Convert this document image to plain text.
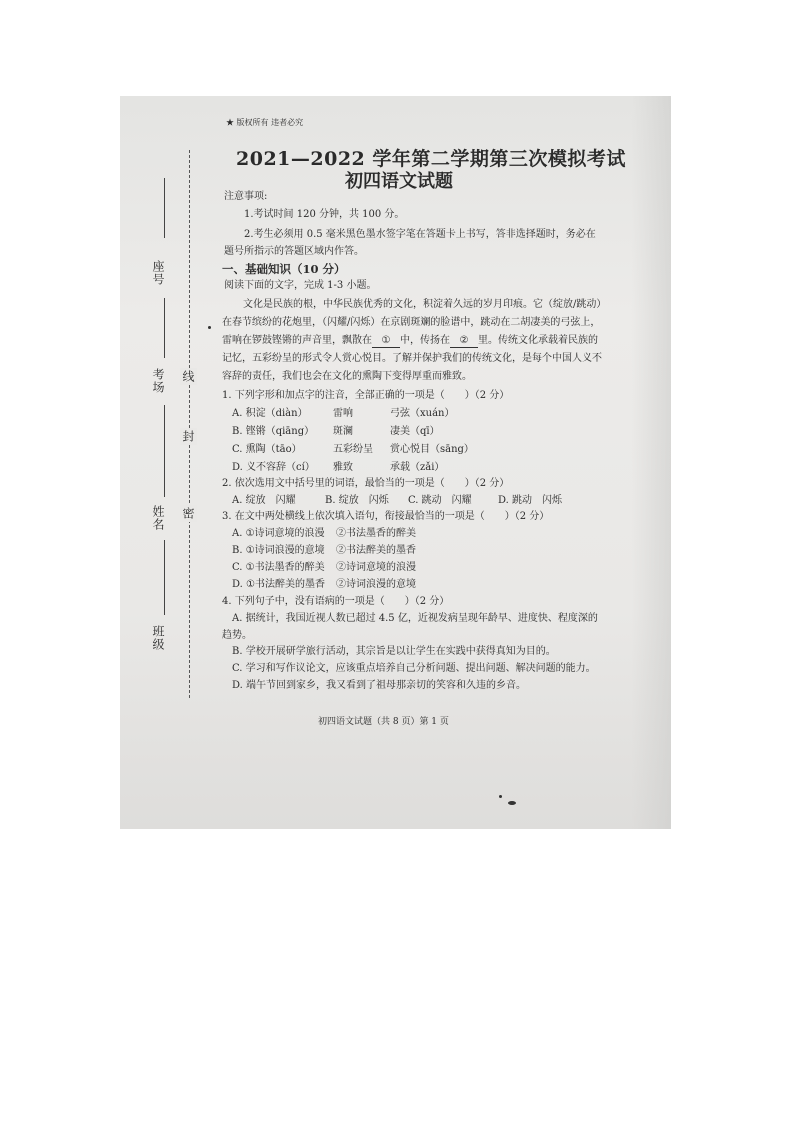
座号
考场
姓名
班级
线
封
密
★ 版权所有 违者必究
2021—2022 学年第二学期第三次模拟考试
初四语文试题
注意事项:
1.考试时间 120 分钟，共 100 分。
2.考生必须用 0.5 毫米黑色墨水签字笔在答题卡上书写，答非选择题时，务必在
题号所指示的答题区域内作答。
一、基础知识（10 分）
阅读下面的文字，完成 1-3 小题。
文化是民族的根，中华民族优秀的文化，积淀着久远的岁月印痕。它（绽放/跳动）
在春节缤纷的花炮里，（闪耀/闪烁）在京剧斑斓的脸谱中，跳动在二胡凄美的弓弦上，
雷响在锣鼓铿锵的声音里，飘散在 ① 中，传扬在 ② 里。传统文化承载着民族的
记忆，五彩纷呈的形式令人赏心悦目。了解并保护我们的传统文化，是每个中国人义不
容辞的责任，我们也会在文化的熏陶下变得厚重而雅致。
1. 下列字形和加点字的注音，全部正确的一项是（　　）（2 分）
A. 积淀（diàn）	雷响	弓弦（xuán）
B. 铿锵（qiāng） 斑澜	凄美（qī）
C. 熏陶（tāo）	五彩纷呈 赏心悦目（sāng）
D. 义不容辞（cí） 雅致	承载（zǎi）
2. 依次选用文中括号里的词语，最恰当的一项是（　　）（2 分）
A. 绽放　闪耀	B. 绽放　闪烁 C. 跳动　闪耀	D. 跳动　闪烁
3. 在文中两处横线上依次填入语句，衔接最恰当的一项是（　　）（2 分）
A. ①诗词意境的浪漫 ②书法墨香的醉美
B. ①诗词浪漫的意境 ②书法醉美的墨香
C. ①书法墨香的醉美 ②诗词意境的浪漫
D. ①书法醉美的墨香 ②诗词浪漫的意境
4. 下列句子中，没有语病的一项是（　　）（2 分）
A. 据统计，我国近视人数已超过 4.5 亿，近视发病呈现年龄早、进度快、程度深的
趋势。
B. 学校开展研学旅行活动，其宗旨是以让学生在实践中获得真知为目的。
C. 学习和写作议论文，应该重点培养自己分析问题、提出问题、解决问题的能力。
D. 端午节回到家乡，我又看到了祖母那亲切的笑容和久违的乡音。
初四语文试题（共 8 页）第 1 页
